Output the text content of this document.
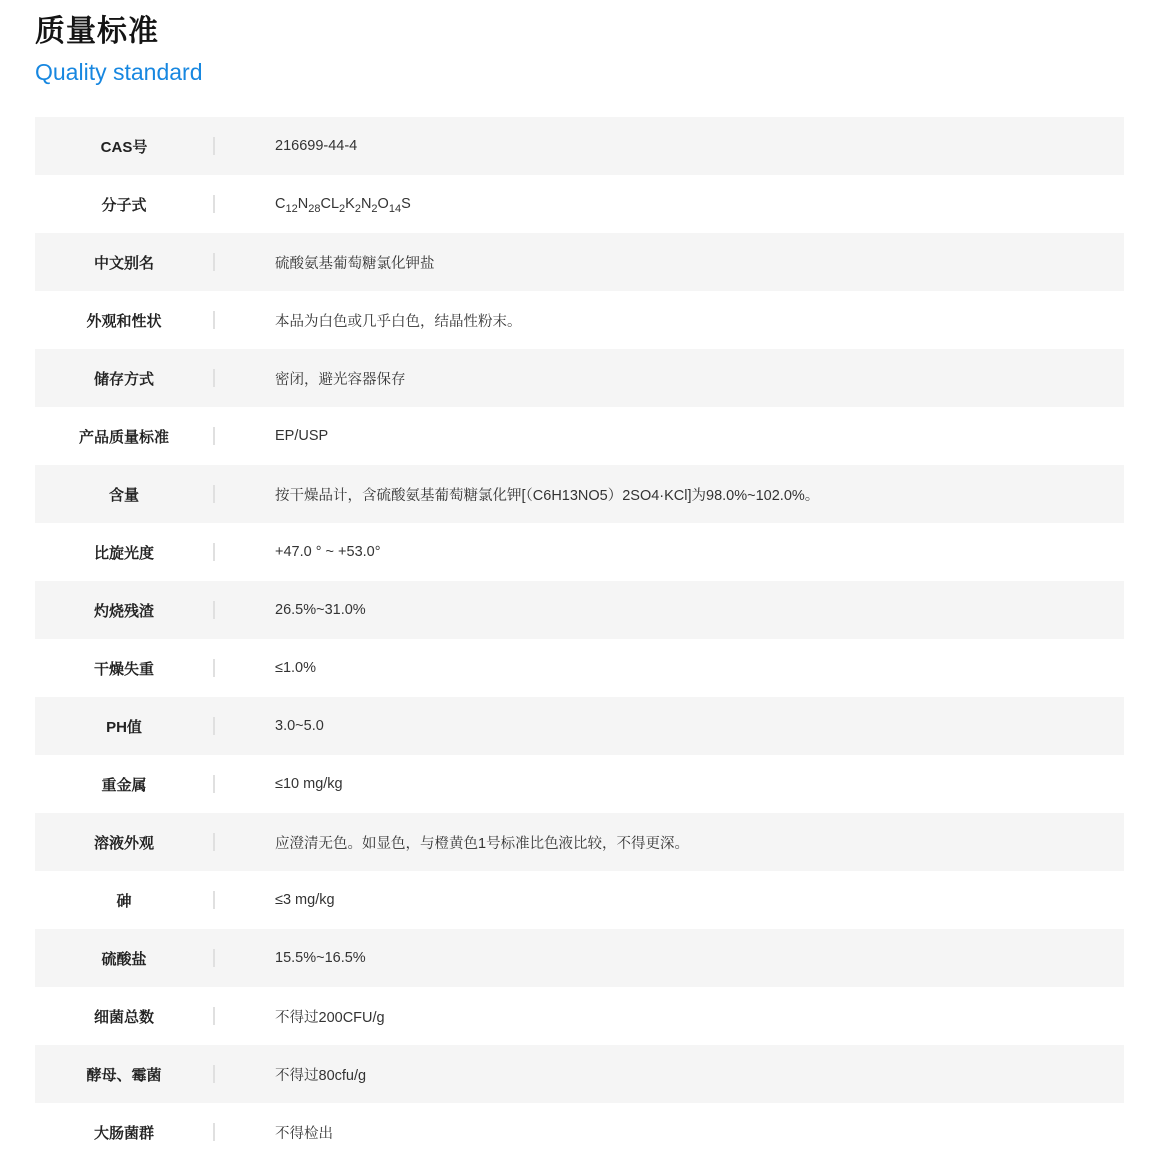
质量标准
Quality standard
CAS号	216699-44-4
分子式	$C_{12}N_{28}CL_2K_2N_2O_{14}S$
中文别名	硫酸氨基葡萄糖氯化钾盐
外观和性状	本品为白色或几乎白色，结晶性粉末。
储存方式	密闭，避光容器保存
产品质量标准	EP/USP
含量	按干燥品计，含硫酸氨基葡萄糖氯化钾[（C6H13NO5）2SO4·KCl]为98.0%~102.0%。
比旋光度	+47.0 ° ~ +53.0°
灼烧残渣	26.5%~31.0%
干燥失重	≤1.0%
PH值	3.0~5.0
重金属	≤10 mg/kg
溶液外观	应澄清无色。如显色，与橙黄色1号标准比色液比较，不得更深。
砷	≤3 mg/kg
硫酸盐	15.5%~16.5%
细菌总数	不得过200CFU/g
酵母、霉菌	不得过80cfu/g
大肠菌群	不得检出
